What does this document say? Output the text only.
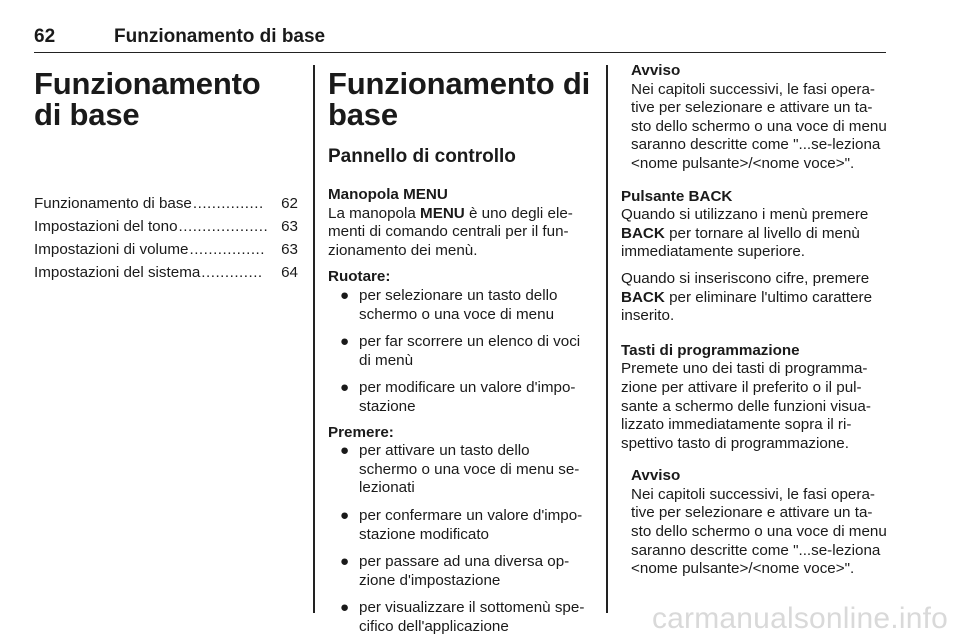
62	Funzionamento di base
Funzionamento di base
Funzionamento di base ...............	62
Impostazioni del tono ................... 63
Impostazioni di volume ................	63
Impostazioni del sistema .............	64
Funzionamento di base
Pannello di controllo
Manopola MENU

La manopola MENU è uno degli ele-menti di comando centrali per il fun-zionamento dei menù.

Ruotare:
● per selezionare un tasto dello schermo o una voce di menu
● per far scorrere un elenco di voci di menù
● per modificare un valore d'impo-stazione
Premere:
● per attivare un tasto dello schermo o una voce di menu se-lezionati
● per confermare un valore d'impo-stazione modificato
● per passare ad una diversa op-zione d'impostazione
● per visualizzare il sottomenù spe-cifico dell'applicazione
Avviso

Nei capitoli successivi, le fasi opera-tive per selezionare e attivare un ta-sto dello schermo o una voce di menu saranno descritte come "...se-leziona <nome pulsante>/<nome voce>".

Pulsante BACK

Quando si utilizzano i menù premere BACK per tornare al livello di menù immediatamente superiore.

Quando si inseriscono cifre, premere BACK per eliminare l'ultimo carattere inserito.

Tasti di programmazione

Premete uno dei tasti di programma-zione per attivare il preferito o il pul-sante a schermo delle funzioni visua-lizzato immediatamente sopra il ri-spettivo tasto di programmazione.

Avviso

Nei capitoli successivi, le fasi opera-tive per selezionare e attivare un ta-sto dello schermo o una voce di menu saranno descritte come "...se-leziona <nome pulsante>/<nome voce>".

carmanualsonline.info
